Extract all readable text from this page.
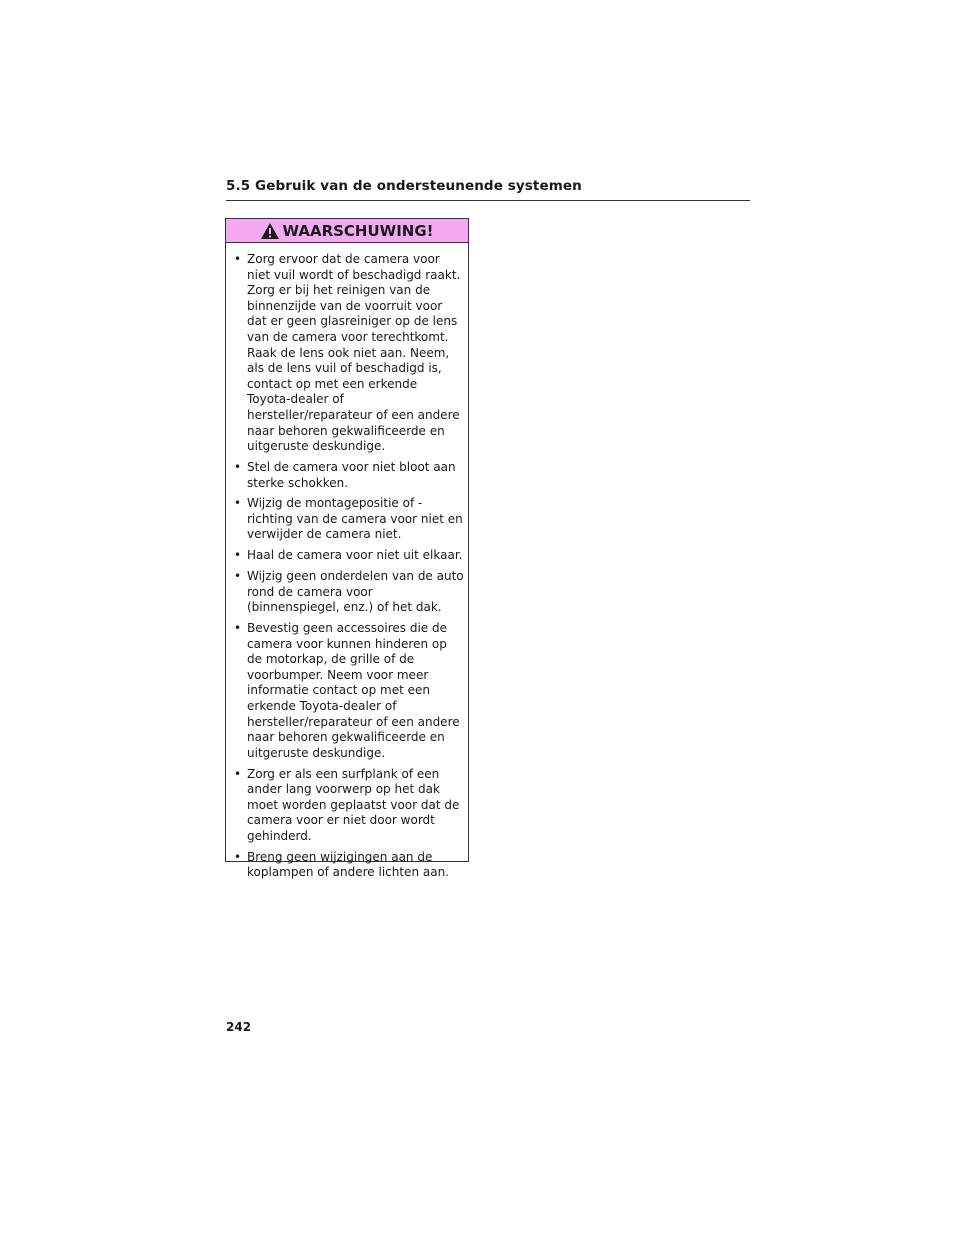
5.5 Gebruik van de ondersteunende systemen
WAARSCHUWING!
• Zorg ervoor dat de camera voor niet vuil wordt of beschadigd raakt. Zorg er bij het reinigen van de binnenzijde van de voorruit voor dat er geen glasreiniger op de lens van de camera voor terechtkomt. Raak de lens ook niet aan. Neem, als de lens vuil of beschadigd is, contact op met een erkende Toyota-dealer of hersteller/reparateur of een andere naar behoren gekwalificeerde en uitgeruste deskundige.
• Stel de camera voor niet bloot aan sterke schokken.
• Wijzig de montagepositie of -richting van de camera voor niet en verwijder de camera niet.
• Haal de camera voor niet uit elkaar.
• Wijzig geen onderdelen van de auto rond de camera voor (binnenspiegel, enz.) of het dak.
• Bevestig geen accessoires die de camera voor kunnen hinderen op de motorkap, de grille of de voorbumper. Neem voor meer informatie contact op met een erkende Toyota-dealer of hersteller/reparateur of een andere naar behoren gekwalificeerde en uitgeruste deskundige.
• Zorg er als een surfplank of een ander lang voorwerp op het dak moet worden geplaatst voor dat de camera voor er niet door wordt gehinderd.
• Breng geen wijzigingen aan de koplampen of andere lichten aan.
242
